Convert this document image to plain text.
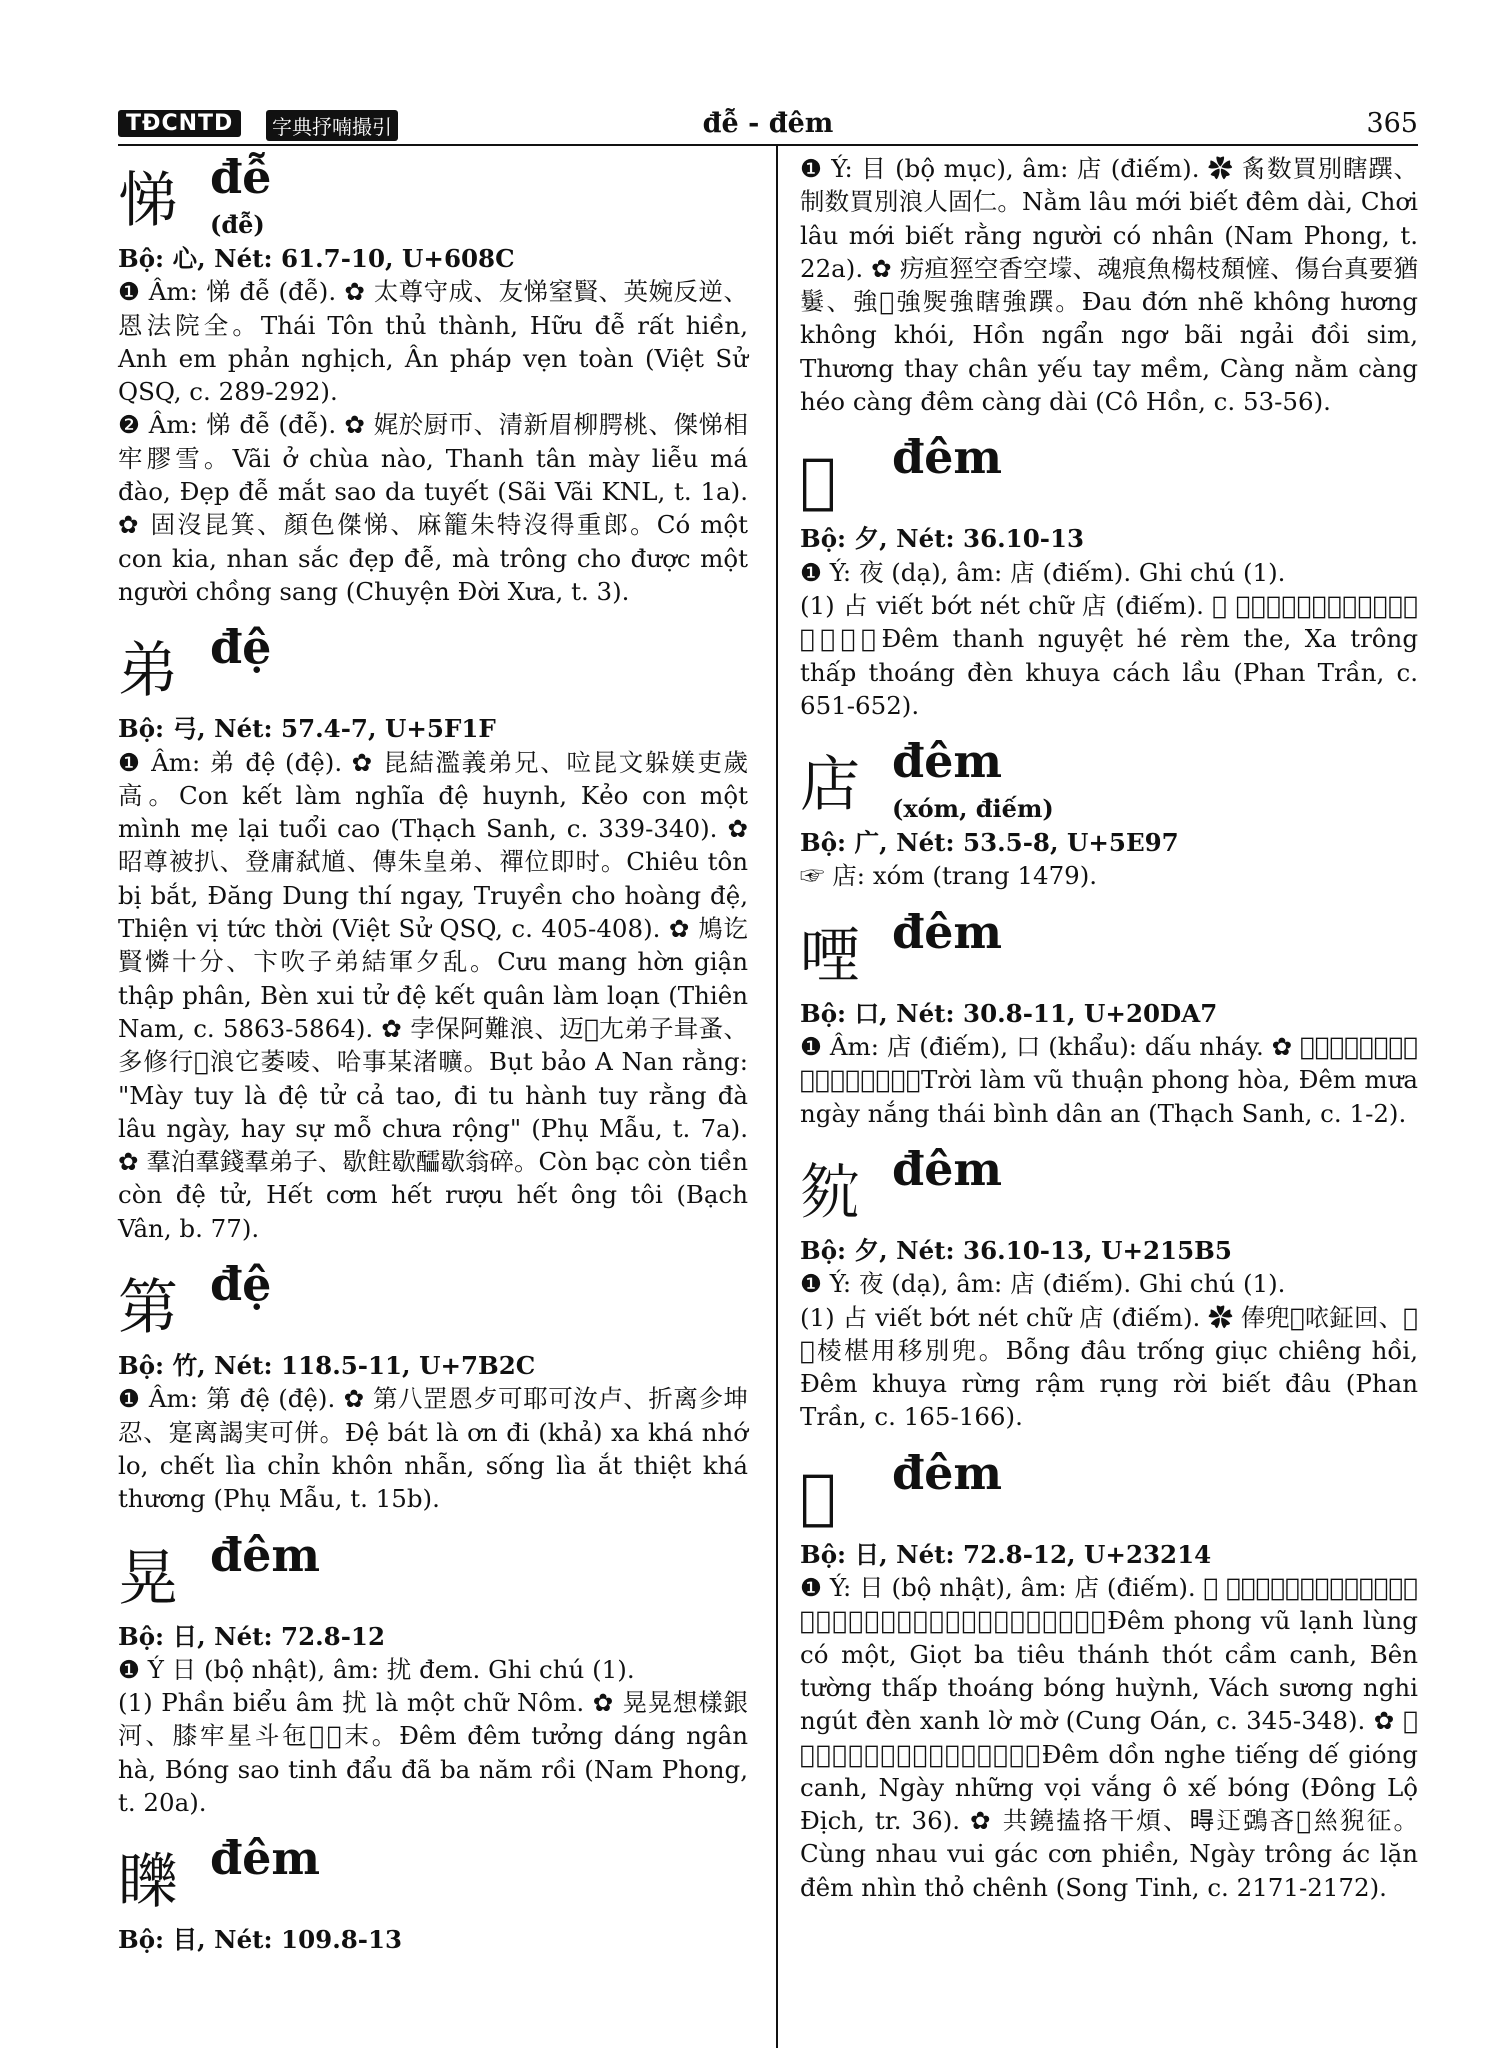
TĐCNTD	字典抒喃撮引	đễ - đêm	365
悌 đễ
(đễ)

Bộ: 心, Nét: 61.7-10, U+608C

❶ Âm: 悌 đễ (đễ). ✿ 太尊守成、友悌窒賢、英婉反逆、恩法院全。Thái Tôn thủ thành, Hữu đễ rất hiền, Anh em phản nghịch, Ân pháp vẹn toàn (Việt Sử QSQ, c. 289-292).

❷ Âm: 悌 đễ (đễ). ✿ 娓於厨帀、清新眉柳腭桃、傑悌相牢膠雪。Vãi ở chùa nào, Thanh tân mày liễu má đào, Đẹp đễ mắt sao da tuyết (Sãi Vãi KNL, t. 1a). ✿ 固沒昆箕、顏色傑悌、麻籠朱特沒得重郎。Có một con kia, nhan sắc đẹp đễ, mà trông cho được một người chồng sang (Chuyện Đời Xưa, t. 3).

弟 đệ

Bộ: 弓, Nét: 57.4-7, U+5F1F

❶ Âm: 弟 đệ (đệ). ✿ 昆結濫義弟兄、㕸昆文躲媄吏歲高。Con kết làm nghĩa đệ huynh, Kẻo con một mình mẹ lại tuổi cao (Thạch Sanh, c. 339-340). ✿ 昭尊被扒、登庸弑馗、傳朱皇弟、禪位即时。Chiêu tôn bị bắt, Đăng Dung thí ngay, Truyền cho hoàng đệ, Thiện vị tức thời (Việt Sử QSQ, c. 405-408). ✿ 鳩讫賢憐十分、卞吹子弟結軍夕乱。Cưu mang hờn giận thập phân, Bèn xui tử đệ kết quân làm loạn (Thiên Nam, c. 5863-5864). ✿ 孛保阿難浪、迈𧊉尢弟子咠蚤、多修行𧊉浪它萎㖫、哈事某渚曠。Bụt bảo A Nan rằng: "Mày tuy là đệ tử cả tao, đi tu hành tuy rằng đà lâu ngày, hay sự mỗ chưa rộng" (Phụ Mẫu, t. 7a). ✿ 羣泊羣錢羣弟子、歇飳歇醽歇翁碎。Còn bạc còn tiền còn đệ tử, Hết cơm hết rượu hết ông tôi (Bạch Vân, b. 77).

第 đệ

Bộ: 竹, Nét: 118.5-11, U+7B2C

❶ Âm: 第 đệ (đệ). ✿ 第八罡恩歺可耶可汝卢、折离㐱坤忍、寔离謁実可併。Đệ bát là ơn đi (khả) xa khá nhớ lo, chết lìa chỉn khôn nhẫn, sống lìa ắt thiệt khá thương (Phụ Mẫu, t. 15b).

晃 đêm

Bộ: 日, Nét: 72.8-12

❶ Ý 日 (bộ nhật), âm: 扰 đem. Ghi chú (1).

(1) Phần biểu âm 扰 là một chữ Nôm. ✿ 晃晃想樣銀河、膝牢星斗㐌𣇞𨍦末。Đêm đêm tưởng dáng ngân hà, Bóng sao tinh đẩu đã ba năm rồi (Nam Phong, t. 20a).

䁻 đêm

Bộ: 目, Nét: 109.8-13

❶ Ý: 目 (bộ mục), âm: 店 (điếm). ✿ 䏑数買別瞎䠣、制数買別浪人固仁。Nằm lâu mới biết đêm dài, Chơi lâu mới biết rằng người có nhân (Nam Phong, t. 22a). ✿ 疠疸㹵空香空𡒯、魂痕魚㮲枝頹㦃、傷台真要猶𩯁、強𦢳強㷩強瞎強䠣。Đau đớn nhẽ không hương không khói, Hồn ngẩn ngơ bãi ngải đồi sim, Thương thay chân yếu tay mềm, Càng nằm càng héo càng đêm càng dài (Cô Hồn, c. 53-56).

𡖡 đêm

Bộ: 夕, Nét: 36.10-13

❶ Ý: 夜 (dạ), âm: 店 (điếm). Ghi chú (1).

(1) 占 viết bớt nét chữ 店 (điếm). ✿ 𡖡清月戲簾𦄂、睐𨑜湿倘畑𡗶隔楼。Đêm thanh nguyệt hé rèm the, Xa trông thấp thoáng đèn khuya cách lầu (Phan Trần, c. 651-652).

店 đêm
(xóm, điếm)

Bộ: 广, Nét: 53.5-8, U+5E97

☞ 店: xóm (trang 1479).

㖶 đêm

Bộ: 口, Nét: 30.8-11, U+20DA7

❶ Âm: 店 (điếm), 口 (khẩu): dấu nháy. ✿ 𡗶濫雨順風和、㖶湄㝵㶚太平民安。Trời làm vũ thuận phong hòa, Đêm mưa ngày nắng thái bình dân an (Thạch Sanh, c. 1-2).

𡖢 đêm

Bộ: 夕, Nét: 36.10-13, U+215B5

❶ Ý: 夜 (dạ), âm: 店 (điếm). Ghi chú (1).

(1) 占 viết bớt nét chữ 店 (điếm). ✿ 俸兜𪒽𠲖鉦回、𡖢𡗶棱椹用移別兜。Bỗng đâu trống giục chiêng hồi, Đêm khuya rừng rậm rụng rời biết đâu (Phan Trần, c. 165-166).

𣋚 đêm

Bộ: 日, Nét: 72.8-12, U+23214

❶ Ý: 日 (bộ nhật), âm: 店 (điếm). ✿ 𣋚風雨冷迸固戈、滨芭蕉聖説拎更、边墙濕倘膵萤、壁霜喧嗯畑撑爐㷰。Đêm phong vũ lạnh lùng có một, Giọt ba tiêu thánh thót cầm canh, Bên tường thấp thoáng bóng huỳnh, Vách sương nghi ngút đèn xanh lờ mờ (Cung Oán, c. 345-348). ✿ 𣋚咛暄唷蟀明更、㝵仍瞻暈烏曦膵。Đêm dồn nghe tiếng dế gióng canh, Ngày những vọi vắng ô xế bóng (Đông Lộ Địch, tr. 36). ✿ 共鐃搕挌干煩、𣈜𨑜鵶吝𣋚𢇁猊征。Cùng nhau vui gác cơn phiền, Ngày trông ác lặn đêm nhìn thỏ chênh (Song Tinh, c. 2171-2172).
